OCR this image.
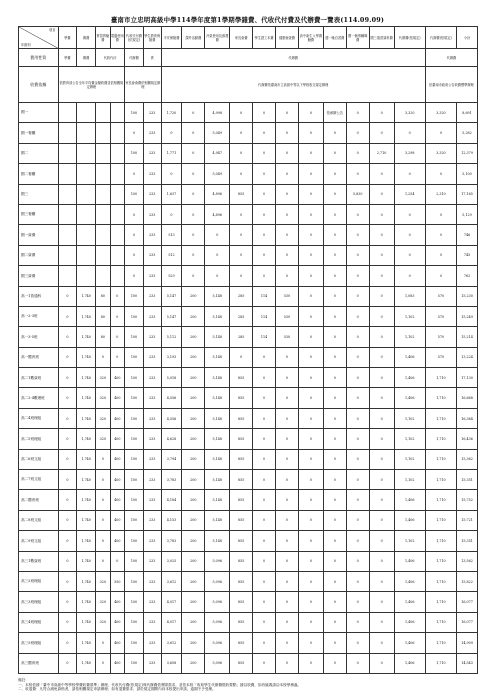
臺南市立忠明高級中學114學年度第1學期學雜費、代收代付費及代辦費一覽表(114.09.09)
項目
年級別	學費	雜費	實習實驗費	電腦使用費	代收代付費(依規定)	學生教育保險費	平安保險費	課外活動費	冷氣使用及維護費	家長會費	學生證工本費	健康檢查費	高中新生入學測驗費	週一晚自習費	國一個別輔導費	國三複習資料費	代辦費(依規定)	代辦費(依規定)	小計
費用性質	學費	雜費	代收代付		代辦費	實	代辦費											代辦費	
收費依據	依教育部公告全年平均費金額收費並依相關規定辦理				家長會會費依相關規定辦理		代辦費依臺南市立高級中等以下學校收支規定辦理											依臺南市政府公告收費標準辦理	
國一					100	233	1,720	0	4,998	0	0	0	0	依承辦公告	0	0	3,320	3,320	8,691
國一餐廳					0	233	0	0	5,049	0	0	0	0	0	0	0	0	0	5,282
國二					100	233	1,771	0	4,947	0	0	0	0	0	0	2,710	3,298	3,320	12,379
國二餐廳					0	233	0	0	5,049	0	0	0	0	0	0	0	0	0	5,100
國三					100	233	1,637	0	4,896	855	0	0	0	0	5,830	0	1,254	2,310	17,165
國三餐廳					0	233	0	0	4,896	0	0	0	0	0	0	0	0	0	5,129
國一資優					0	233	513	0	0	0	0	0	0	0	0	0	0	0	746
國二資優					0	233	512	0	0	0	0	0	0	0	0	0	0	0	745
國三資優					0	233	529	0	0	0	0	0	0	0	0	0	0	0	762
高一1普通科	0	1,740	80	0	100	233	5,147	200	5,148	285	114	530	0	0	0	0	1,083	570	15,230
高一2-3班	0	1,740	80	0	100	233	5,147	200	5,148	285	114	530	0	0	0	0	1,102	570	15,249
高一3-5班	0	1,740	80	0	100	233	5,112	200	5,148	285	114	530	0	0	0	0	1,102	570	15,214
高一體育班	0	1,740	0	0	100	233	3,193	200	5,148	0	0	0	0	0	0	0	1,406	570	13,224
高二1數資班	0	1,740	320	400	100	233	5,018	200	5,148	855	0	0	0	0	0	0	1,406	1,710	17,130
高二2-4數理班	0	1,740	320	400	100	233	4,556	200	5,148	855	0	0	0	0	0	0	1,406	1,710	16,668
高二4班理組	0	1,740	320	400	100	233	4,556	200	5,148	855	0	0	0	0	0	0	1,102	1,710	16,364
高二5班理組	0	1,740	320	400	100	233	4,628	200	5,148	855	0	0	0	0	0	0	1,102	1,710	16,436
高二6班文組	0	1,740	0	400	100	233	3,794	200	5,148	855	0	0	0	0	0	0	1,102	1,710	15,362
高二7班文組	0	1,740	0	400	100	233	3,783	200	5,148	855	0	0	0	0	0	0	1,102	1,710	15,351
高二體育班	0	1,740	0	400	100	233	4,184	200	5,148	855	0	0	0	0	0	0	1,406	1,710	15,752
高二8班文組	0	1,740	0	400	100	233	4,153	200	5,148	855	0	0	0	0	0	0	1,406	1,710	15,721
高二9班文組	0	1,740	0	400	100	233	3,783	200	5,148	855	0	0	0	0	0	0	1,102	1,710	15,351
高三1數資班	0	1,740	0	0	100	233	3,025	200	5,096	855	0	0	0	0	0	0	1,406	1,710	13,562
高三2班理組	0	1,740	320	550	100	233	3,612	200	5,096	855	0	0	0	0	0	0	1,406	1,710	15,822
高三3班理組	0	1,740	320	400	100	233	4,017	200	5,096	855	0	0	0	0	0	0	1,406	1,710	16,077
高三4班理組	0	1,740	320	400	100	233	4,017	200	5,096	855	0	0	0	0	0	0	1,406	1,710	16,077
高三5班理組	0	1,740	0	400	100	233	3,612	200	5,096	855	0	0	0	0	0	0	1,406	1,710	14,909
高三體育班	0	1,740	0	400	100	233	3,658	200	5,096	855	0	0	0	0	0	0	1,406	1,710	14,543
備註：
一、本校依據「臺中市高級中等學校學費收費基準」辦理，代收代付費(依規定)與代辦費依實際需求，並依本校「收取學生代辦費徵收要點」據以收費，如有疑義請洽本校學務處。
二、收退費：凡符合減免資格者，請依相關規定申請辦理；如有退費需求，請於規定期間內向本校提出申請，逾期不予受理。
